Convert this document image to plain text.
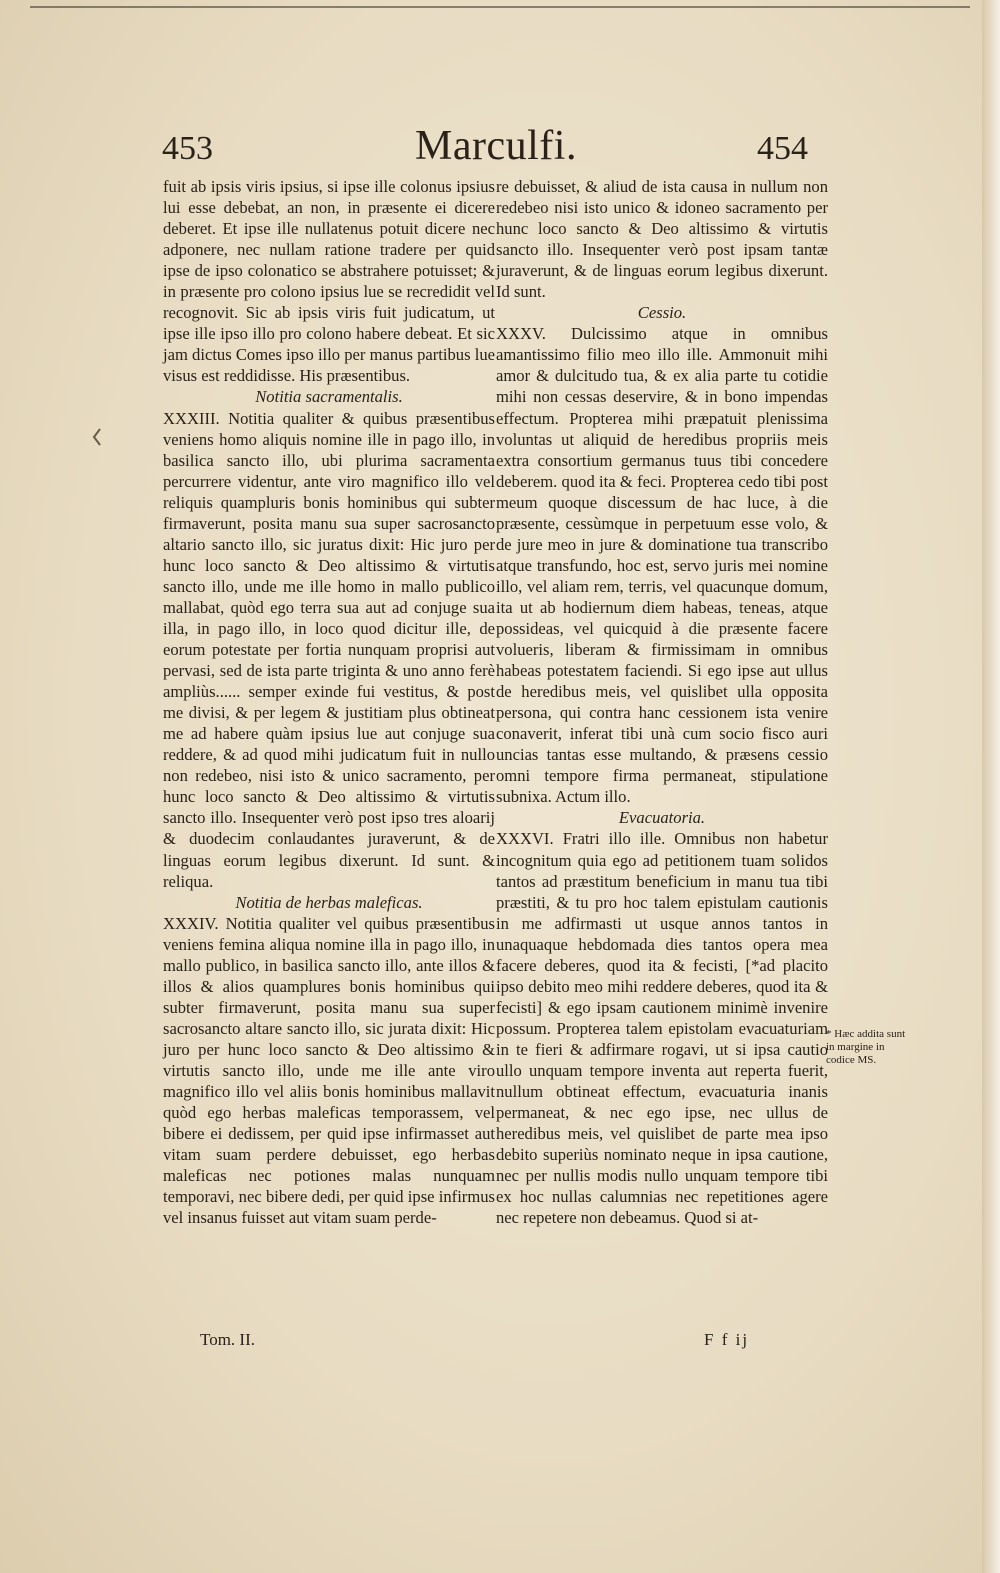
453	Marculfi.	454

fuit ab ipsis viris ipsius, si ipse ille colonus ipsius lui esse debebat, an non, in præsente ei dicere deberet. Et ipse ille nullatenus potuit dicere nec adponere, nec nullam ratione tradere per quid ipse de ipso colonatico se abstrahere potuisset; & in præsente pro colono ipsius lue se recredidit vel recognovit. Sic ab ipsis viris fuit judicatum, ut ipse ille ipso illo pro colono habere debeat. Et sic jam dictus Comes ipso illo per manus partibus lue visus est reddidisse. His præsentibus.

Notitia sacramentalis.

XXXIII. Notitia qualiter & quibus præsentibus veniens homo aliquis nomine ille in pago illo, in basilica sancto illo, ubi plurima sacramenta percurrere videntur, ante viro magnifico illo vel reliquis quampluris bonis hominibus qui subter firmaverunt, posita manu sua super sacrosancto altario sancto illo, sic juratus dixit: Hic juro per hunc loco sancto & Deo altissimo & virtutis sancto illo, unde me ille homo in mallo publico mallabat, quòd ego terra sua aut ad conjuge sua illa, in pago illo, in loco quod dicitur ille, de eorum potestate per fortia nunquam proprisi aut pervasi, sed de ista parte triginta & uno anno ferè ampliùs...... semper exinde fui vestitus, & post me divisi, & per legem & justitiam plus obtineat me ad habere quàm ipsius lue aut conjuge sua reddere, & ad quod mihi judicatum fuit in nullo non redebeo, nisi isto & unico sacramento, per hunc loco sancto & Deo altissimo & virtutis sancto illo. Insequenter verò post ipso tres aloarij & duodecim conlaudantes juraverunt, & de linguas eorum legibus dixerunt. Id sunt. & reliqua.

Notitia de herbas maleficas.

XXXIV. Notitia qualiter vel quibus præsentibus veniens femina aliqua nomine illa in pago illo, in mallo publico, in basilica sancto illo, ante illos & illos & alios quamplures bonis hominibus qui subter firmaverunt, posita manu sua super sacrosancto altare sancto illo, sic jurata dixit: Hic juro per hunc loco sancto & Deo altissimo & virtutis sancto illo, unde me ille ante viro magnifico illo vel aliis bonis hominibus mallavit quòd ego herbas maleficas temporassem, vel bibere ei dedissem, per quid ipse infirmasset aut vitam suam perdere debuisset, ego herbas maleficas nec potiones malas nunquam temporavi, nec bibere dedi, per quid ipse infirmus vel insanus fuisset aut vitam suam perde-

re debuisset, & aliud de ista causa in nullum non redebeo nisi isto unico & idoneo sacramento per hunc loco sancto & Deo altissimo & virtutis sancto illo. Insequenter verò post ipsam tantæ juraverunt, & de linguas eorum legibus dixerunt. Id sunt.

Cessio.

XXXV. Dulcissimo atque in omnibus amantissimo filio meo illo ille. Ammonuit mihi amor & dulcitudo tua, & ex alia parte tu cotidie mihi non cessas deservire, & in bono impendas effectum. Propterea mihi præpatuit plenissima voluntas ut aliquid de heredibus propriis meis extra consortium germanus tuus tibi concedere deberem. quod ita & feci. Propterea cedo tibi post meum quoque discessum de hac luce, à die præsente, cessùmque in perpetuum esse volo, & de jure meo in jure & dominatione tua transcribo atque transfundo, hoc est, servo juris mei nomine illo, vel aliam rem, terris, vel quacunque domum, ita ut ab hodiernum diem habeas, teneas, atque possideas, vel quicquid à die præsente facere volueris, liberam & firmissimam in omnibus habeas potestatem faciendi. Si ego ipse aut ullus de heredibus meis, vel quislibet ulla opposita persona, qui contra hanc cessionem ista venire conaverit, inferat tibi unà cum socio fisco auri uncias tantas esse multando, & præsens cessio omni tempore firma permaneat, stipulatione subnixa. Actum illo.

Evacuatoria.

XXXVI. Fratri illo ille. Omnibus non habetur incognitum quia ego ad petitionem tuam solidos tantos ad præstitum beneficium in manu tua tibi præstiti, & tu pro hoc talem epistulam cautionis in me adfirmasti ut usque annos tantos in unaquaque hebdomada dies tantos opera mea facere deberes, quod ita & fecisti, [*ad placito ipso debito meo mihi reddere deberes, quod ita & fecisti] & ego ipsam cautionem minimè invenire possum. Propterea talem epistolam evacuaturiam in te fieri & adfirmare rogavi, ut si ipsa cautio ullo unquam tempore inventa aut reperta fuerit, nullum obtineat effectum, evacuaturia inanis permaneat, & nec ego ipse, nec ullus de heredibus meis, vel quislibet de parte mea ipso debito superiùs nominato neque in ipsa cautione, nec per nullis modis nullo unquam tempore tibi ex hoc nullas calumnias nec repetitiones agere nec repetere non debeamus. Quod si at-

* Hæc addita sunt in margine in codice MS.
Tom. II.	F f ij
